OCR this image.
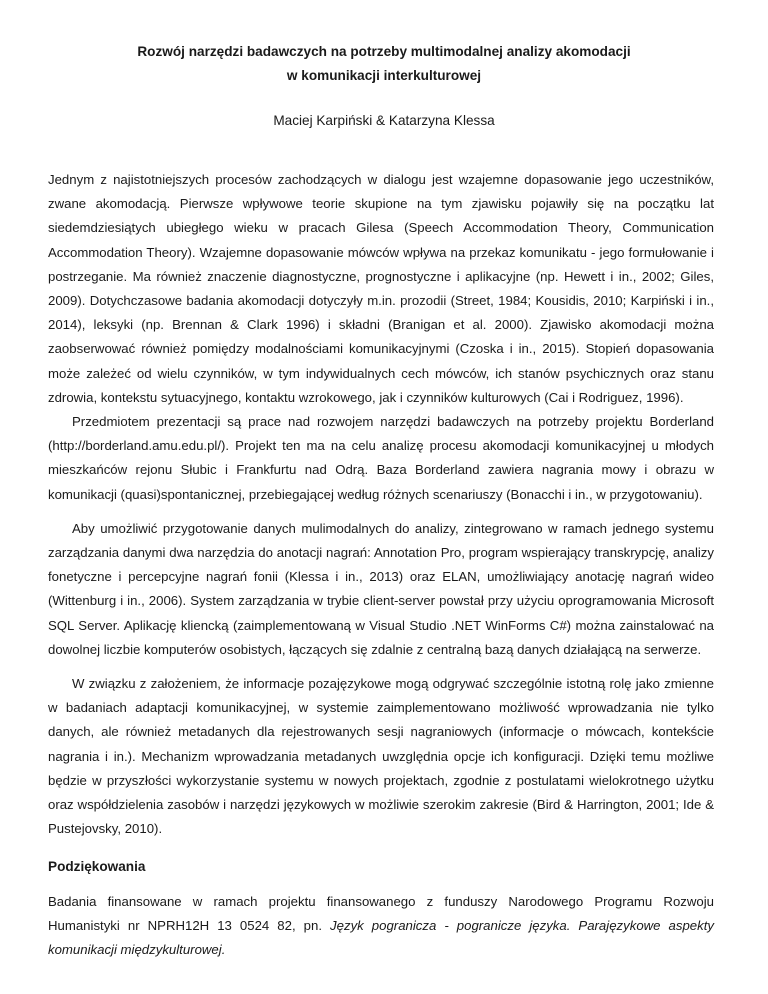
Rozwój narzędzi badawczych na potrzeby multimodalnej analizy akomodacji
w komunikacji interkulturowej

Maciej Karpiński & Katarzyna Klessa

Jednym z najistotniejszych procesów zachodzących w dialogu jest wzajemne dopasowanie jego uczestników, zwane akomodacją. Pierwsze wpływowe teorie skupione na tym zjawisku pojawiły się na początku lat siedemdziesiątych ubiegłego wieku w pracach Gilesa (Speech Accommodation Theory, Communication Accommodation Theory). Wzajemne dopasowanie mówców wpływa na przekaz komunikatu - jego formułowanie i postrzeganie. Ma również znaczenie diagnostyczne, prognostyczne i aplikacyjne (np. Hewett i in., 2002; Giles, 2009). Dotychczasowe badania akomodacji dotyczyły m.in. prozodii (Street, 1984; Kousidis, 2010; Karpiński i in., 2014), leksyki (np. Brennan & Clark 1996) i składni (Branigan et al. 2000). Zjawisko akomodacji można zaobserwować również pomiędzy modalnościami komunikacyjnymi (Czoska i in., 2015). Stopień dopasowania może zależeć od wielu czynników, w tym indywidualnych cech mówców, ich stanów psychicznych oraz stanu zdrowia, kontekstu sytuacyjnego, kontaktu wzrokowego, jak i czynników kulturowych (Cai i Rodriguez, 1996).

Przedmiotem prezentacji są prace nad rozwojem narzędzi badawczych na potrzeby projektu Borderland (http://borderland.amu.edu.pl/). Projekt ten ma na celu analizę procesu akomodacji komunikacyjnej u młodych mieszkańców rejonu Słubic i Frankfurtu nad Odrą. Baza Borderland zawiera nagrania mowy i obrazu w komunikacji (quasi)spontanicznej, przebiegającej według różnych scenariuszy (Bonacchi i in., w przygotowaniu).

Aby umożliwić przygotowanie danych mulimodalnych do analizy, zintegrowano w ramach jednego systemu zarządzania danymi dwa narzędzia do anotacji nagrań: Annotation Pro, program wspierający transkrypcję, analizy fonetyczne i percepcyjne nagrań fonii (Klessa i in., 2013) oraz ELAN, umożliwiający anotację nagrań wideo (Wittenburg i in., 2006). System zarządzania w trybie client-server powstał przy użyciu oprogramowania Microsoft SQL Server. Aplikację kliencką (zaimplementowaną w Visual Studio .NET WinForms C#) można zainstalować na dowolnej liczbie komputerów osobistych, łączących się zdalnie z centralną bazą danych działającą na serwerze.

W związku z założeniem, że informacje pozajęzykowe mogą odgrywać szczególnie istotną rolę jako zmienne w badaniach adaptacji komunikacyjnej, w systemie zaimplementowano możliwość wprowadzania nie tylko danych, ale również metadanych dla rejestrowanych sesji nagraniowych (informacje o mówcach, kontekście nagrania i in.). Mechanizm wprowadzania metadanych uwzględnia opcje ich konfiguracji. Dzięki temu możliwe będzie w przyszłości wykorzystanie systemu w nowych projektach, zgodnie z postulatami wielokrotnego użytku oraz współdzielenia zasobów i narzędzi językowych w możliwie szerokim zakresie (Bird & Harrington, 2001; Ide & Pustejovsky, 2010).

Podziękowania

Badania finansowane w ramach projektu finansowanego z funduszy Narodowego Programu Rozwoju Humanistyki nr NPRH12H 13 0524 82, pn. Język pogranicza - pogranicze języka. Parajęzykowe aspekty komunikacji międzykulturowej.
